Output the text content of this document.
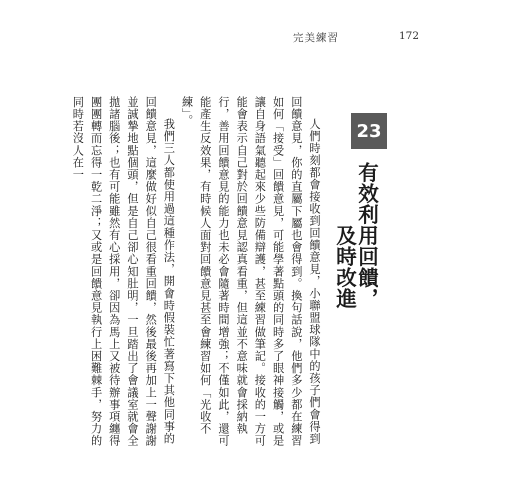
完美練習	172
23
有效利用回饋，
及時改進

人們時刻都會接收到回饋意見，小聯盟球隊中的孩子們會得到回饋意見，你的直屬下屬也會得到。換句話說，他們多少都在練習如何「接受」回饋意見，可能學著點頭的同時多了眼神接觸，或是讓自身語氣聽起來少些防備辯護，甚至練習做筆記。接收的一方可能會表示自己對於回饋意見認真看重，但這並不意味就會採納執行，善用回饋意見的能力也未必會隨著時間增強；不僅如此，還可能產生反效果，有時候人面對回饋意見甚至會練習如何「光收不練」。

我們三人都使用過這種作法，開會時假裝忙著寫下其他同事的回饋意見，這麼做好似自己很看重回饋，然後最後再加上一聲謝謝並誠摯地點個頭，但是自己卻心知肚明，一旦踏出了會議室就會全拋諸腦後；也有可能雖然有心採用，卻因為馬上又被待辦事項纏得團團轉而忘得一乾二淨；又或是回饋意見執行上困難棘手，努力的同時若沒人在一
